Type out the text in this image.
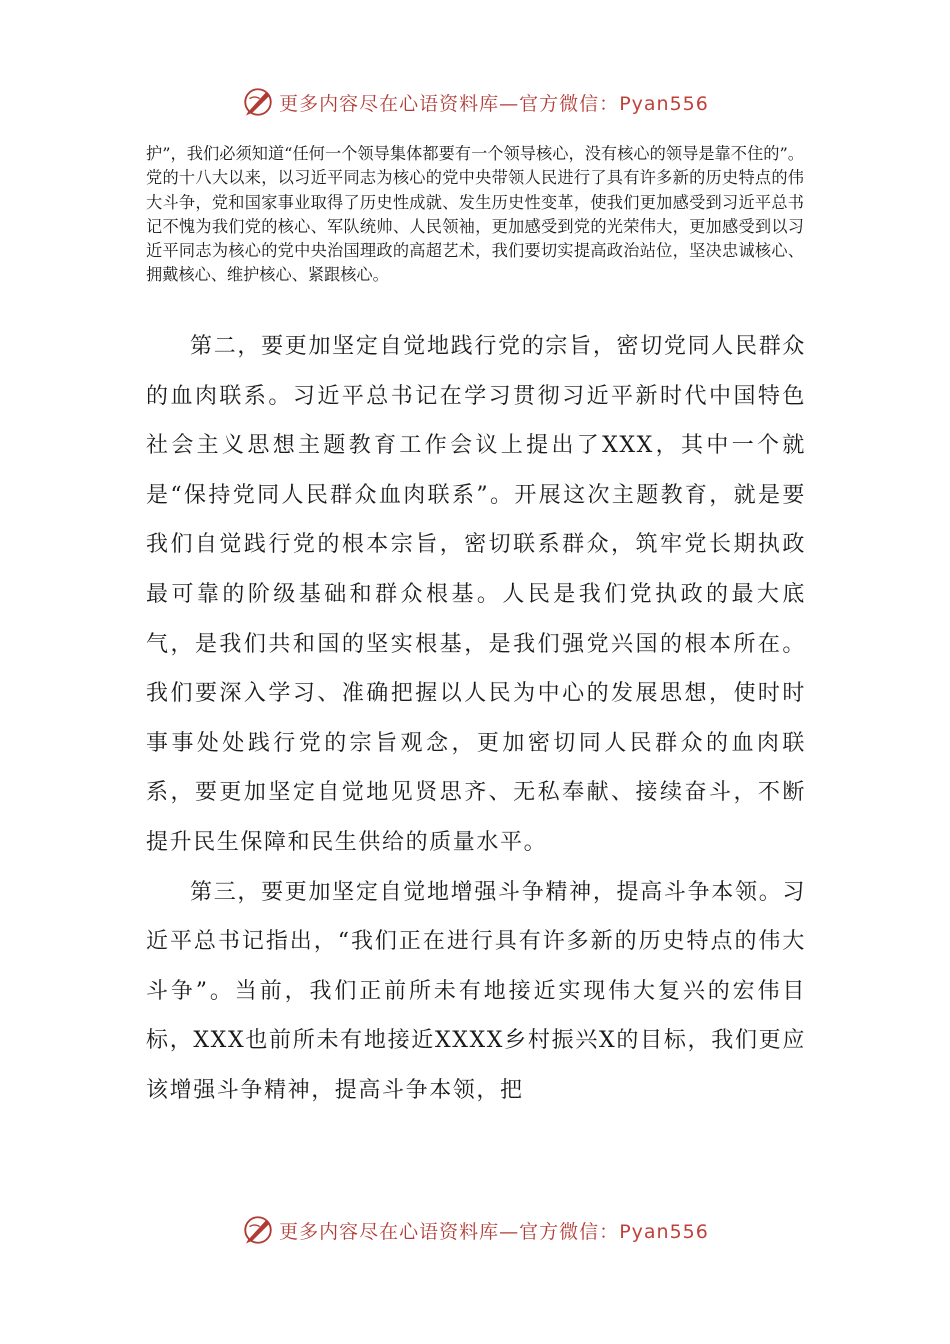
更多内容尽在心语资料库—官方微信：Pyan556

护”，我们必须知道“任何一个领导集体都要有一个领导核心，没有核心的领导是靠不住的”。党的十八大以来，以习近平同志为核心的党中央带领人民进行了具有许多新的历史特点的伟大斗争，党和国家事业取得了历史性成就、发生历史性变革，使我们更加感受到习近平总书记不愧为我们党的核心、军队统帅、人民领袖，更加感受到党的光荣伟大，更加感受到以习近平同志为核心的党中央治国理政的高超艺术，我们要切实提高政治站位，坚决忠诚核心、拥戴核心、维护核心、紧跟核心。

第二，要更加坚定自觉地践行党的宗旨，密切党同人民群众的血肉联系。习近平总书记在学习贯彻习近平新时代中国特色社会主义思想主题教育工作会议上提出了XXX，其中一个就是“保持党同人民群众血肉联系”。开展这次主题教育，就是要我们自觉践行党的根本宗旨，密切联系群众，筑牢党长期执政最可靠的阶级基础和群众根基。人民是我们党执政的最大底气，是我们共和国的坚实根基，是我们强党兴国的根本所在。我们要深入学习、准确把握以人民为中心的发展思想，使时时事事处处践行党的宗旨观念，更加密切同人民群众的血肉联系，要更加坚定自觉地见贤思齐、无私奉献、接续奋斗，不断提升民生保障和民生供给的质量水平。

第三，要更加坚定自觉地增强斗争精神，提高斗争本领。习近平总书记指出，“我们正在进行具有许多新的历史特点的伟大斗争”。当前，我们正前所未有地接近实现伟大复兴的宏伟目标，XXX也前所未有地接近XXXX乡村振兴X的目标，我们更应该增强斗争精神，提高斗争本领，把

更多内容尽在心语资料库—官方微信：Pyan556
